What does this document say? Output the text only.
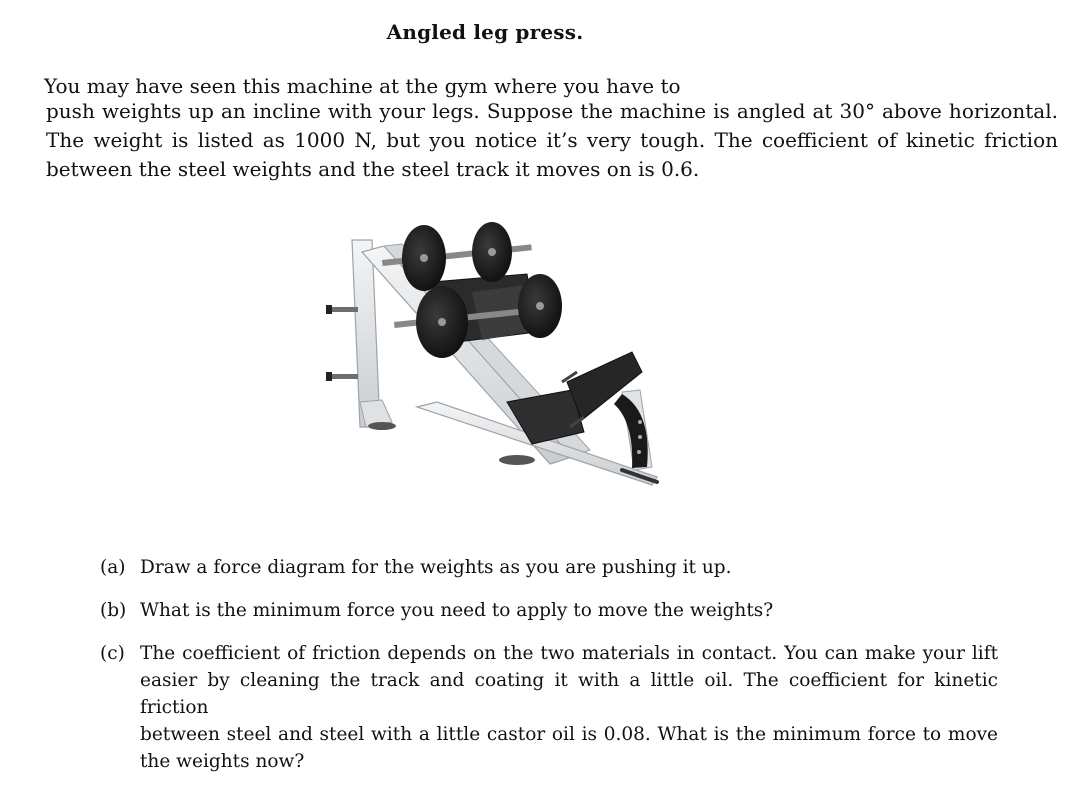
Angled leg press.
You may have seen this machine at the gym where you have to
push weights up an incline with your legs. Suppose the machine is angled at 30° above horizontal.
The weight is listed as 1000 N, but you notice it’s very tough. The coefficient of kinetic friction
between the steel weights and the steel track it moves on is 0.6.
(a) Draw a force diagram for the weights as you are pushing it up.
(b) What is the minimum force you need to apply to move the weights?
(c) The coefficient of friction depends on the two materials in contact. You can make your lift
easier by cleaning the track and coating it with a little oil. The coefficient for kinetic friction
between steel and steel with a little castor oil is 0.08. What is the minimum force to move
the weights now?
